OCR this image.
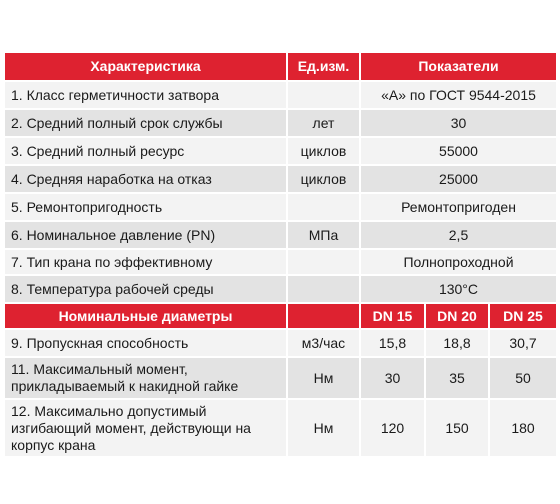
Характеристика	Ед.изм.	Показатели		
1. Класс герметичности затвора		«А» по ГОСТ 9544-2015		
2. Средний полный срок службы	лет	30		
3. Средний полный ресурс	циклов	55000		
4. Средняя наработка на отказ	циклов	25000		
5. Ремонтопригодность		Ремонтопригоден		
6. Номинальное давление (PN)	МПа	2,5		
7. Тип крана по эффективному		Полнопроходной		
8. Температура рабочей среды		130°С		
Номинальные диаметры		DN 15	DN 20	DN 25
9. Пропускная способность	м3/час	15,8	18,8	30,7

11. Максимальный момент,
прикладываемый к накидной гайке	Нм	30	35	50

12. Максимально допустимый
изгибающий момент, действующи на
корпус крана	Нм	120	150	180
